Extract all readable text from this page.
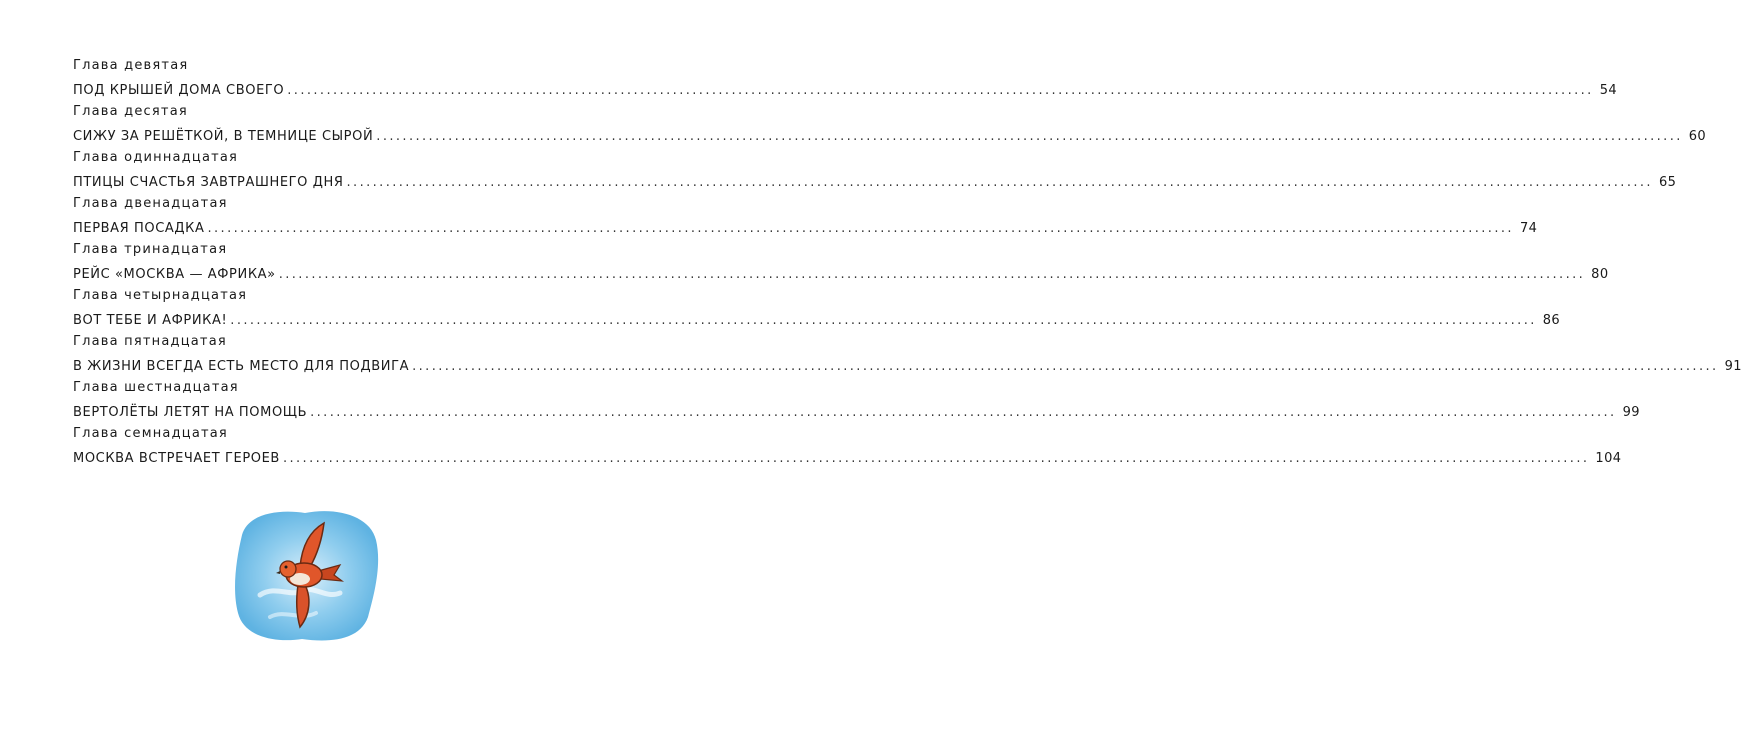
Глава девятая
ПОД КРЫШЕЙ ДОМА СВОЕГО ........................................................................................................................................................................................................ 54
Глава десятая
СИЖУ ЗА РЕШЁТКОЙ, В ТЕМНИЦЕ СЫРОЙ ........................................................................................................................................................................................................ 60
Глава одиннадцатая
ПТИЦЫ СЧАСТЬЯ ЗАВТРАШНЕГО ДНЯ ........................................................................................................................................................................................................ 65
Глава двенадцатая
ПЕРВАЯ ПОСАДКА ........................................................................................................................................................................................................ 74
Глава тринадцатая
РЕЙС «МОСКВА — АФРИКА» ........................................................................................................................................................................................................ 80
Глава четырнадцатая
ВОТ ТЕБЕ И АФРИКА! ........................................................................................................................................................................................................ 86
Глава пятнадцатая
В ЖИЗНИ ВСЕГДА ЕСТЬ МЕСТО ДЛЯ ПОДВИГА ........................................................................................................................................................................................................ 91
Глава шестнадцатая
ВЕРТОЛЁТЫ ЛЕТЯТ НА ПОМОЩЬ ........................................................................................................................................................................................................ 99
Глава семнадцатая
МОСКВА ВСТРЕЧАЕТ ГЕРОЕВ ........................................................................................................................................................................................................ 104
